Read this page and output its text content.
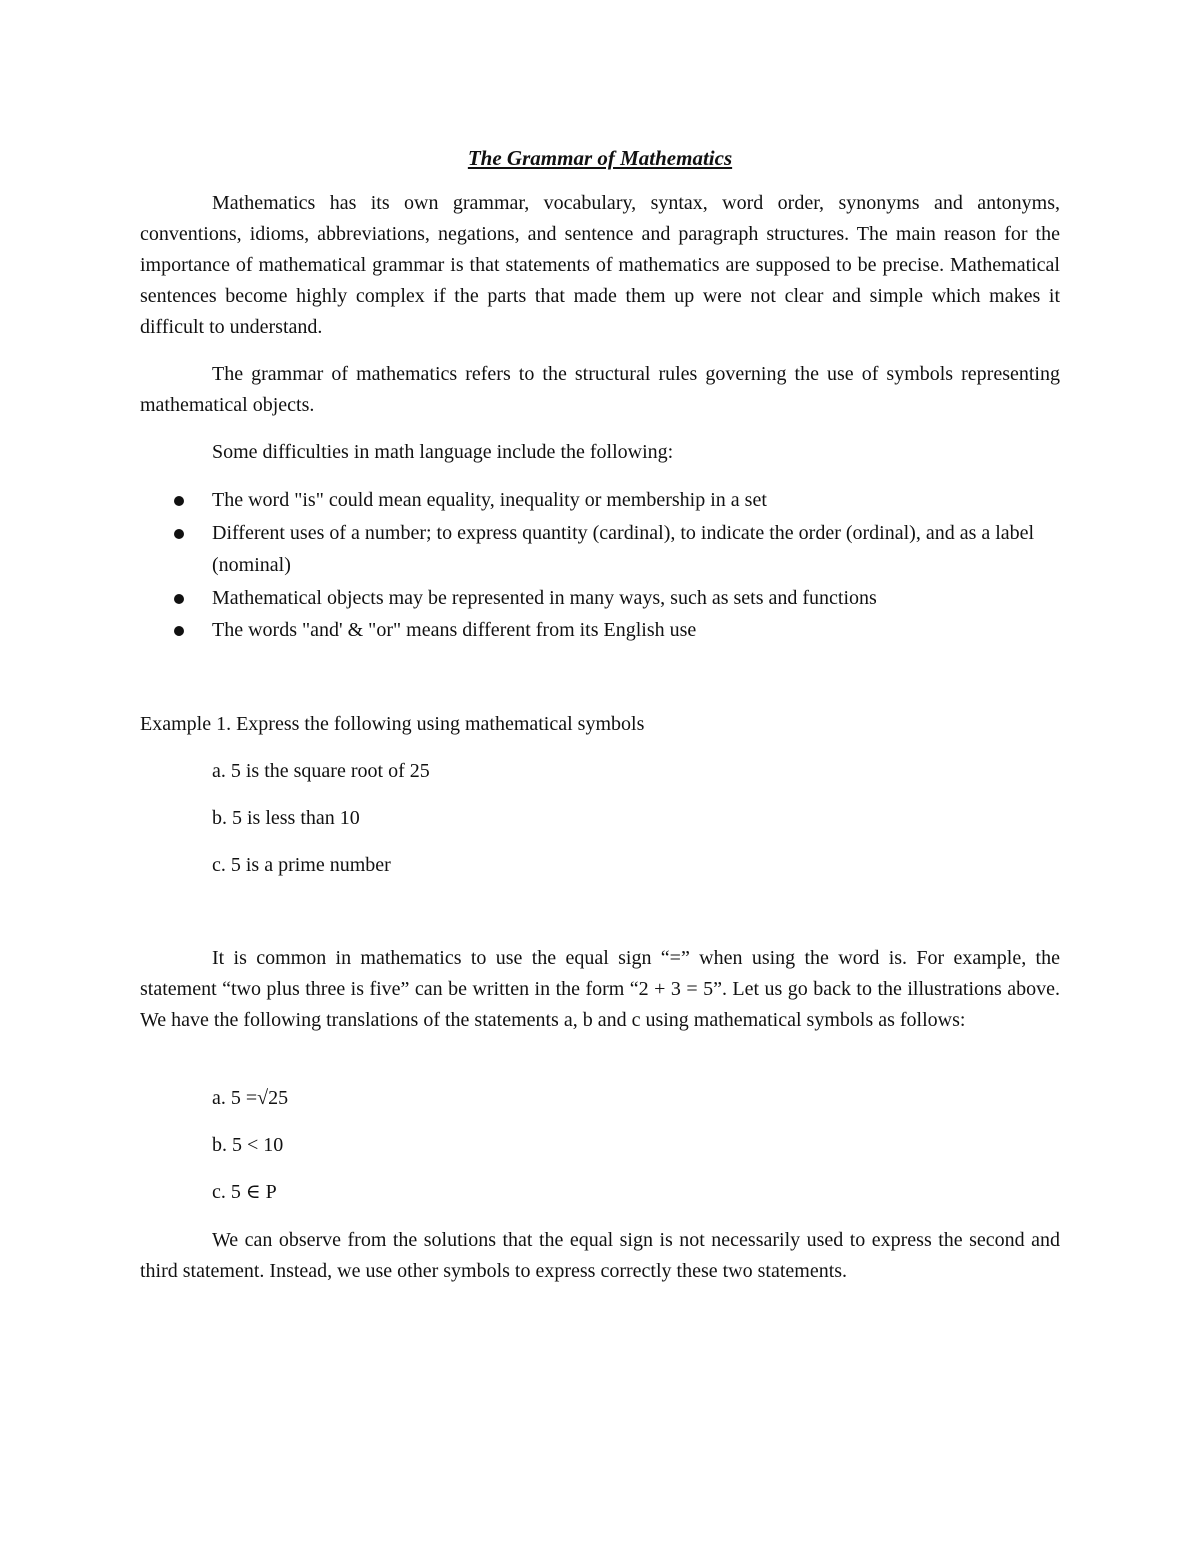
The Grammar of Mathematics

Mathematics has its own grammar, vocabulary, syntax, word order, synonyms and antonyms, conventions, idioms, abbreviations, negations, and sentence and paragraph structures. The main reason for the importance of mathematical grammar is that statements of mathematics are supposed to be precise. Mathematical sentences become highly complex if the parts that made them up were not clear and simple which makes it difficult to understand.

The grammar of mathematics refers to the structural rules governing the use of symbols representing mathematical objects.

Some difficulties in math language include the following:

The word "is" could mean equality, inequality or membership in a set
Different uses of a number; to express quantity (cardinal), to indicate the order (ordinal), and as a label (nominal)
Mathematical objects may be represented in many ways, such as sets and functions
The words "and' & "or" means different from its English use

Example 1. Express the following using mathematical symbols

a. 5 is the square root of 25
b. 5 is less than 10
c. 5 is a prime number

It is common in mathematics to use the equal sign “=” when using the word is. For example, the statement “two plus three is five” can be written in the form “2 + 3 = 5”. Let us go back to the illustrations above. We have the following translations of the statements a, b and c using mathematical symbols as follows:

a. 5 =√25
b. 5 < 10
c. 5 ∈ P

We can observe from the solutions that the equal sign is not necessarily used to express the second and third statement. Instead, we use other symbols to express correctly these two statements.
